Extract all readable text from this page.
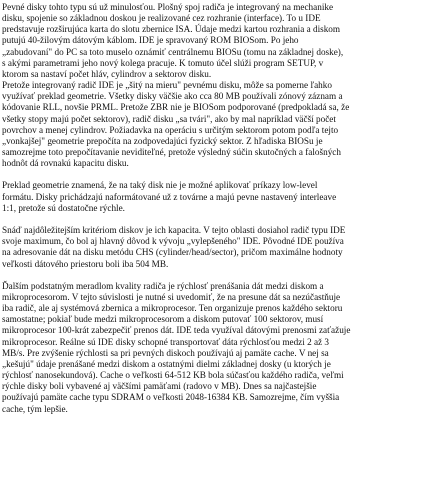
Pevné disky tohto typu sú už minulosťou. Plošný spoj radiča je integrovaný na mechanike
disku, spojenie so základnou doskou je realizované cez rozhranie (interface). To u IDE
predstavuje rozširujúca karta do slotu zbernice ISA. Údaje medzi kartou rozhrania a diskom
putujú 40-žilovým dátovým káblom. IDE je spravovaný ROM BIOSom. Po jeho
„zabudovaní" do PC sa toto muselo oznámiť centrálnemu BIOSu (tomu na základnej doske),
s akými parametrami jeho nový kolega pracuje. K tomuto účel slúži program SETUP, v
ktorom sa nastaví počet hláv, cylindrov a sektorov disku.
Pretože integrovaný radič IDE je „šitý na mieru" pevnému disku, môže sa pomerne ľahko
využívať preklad geometrie. Všetky disky väčšie ako cca 80 MB používali zónový záznam a
kódovanie RLL, novšie PRML. Pretože ZBR nie je BIOSom podporované (predpokladá sa, že
všetky stopy majú počet sektorov), radič disku „sa tvári", ako by mal napríklad väčší počet
povrchov a menej cylindrov. Požiadavka na operáciu s určitým sektorom potom podľa tejto
„vonkajšej" geometrie prepočíta na zodpovedajúci fyzický sektor. Z hľadiska BIOSu je
samozrejme toto prepočítavanie neviditeľné, pretože výsledný súčin skutočných a falošných
hodnôt dá rovnakú kapacitu disku.
Preklad geometrie znamená, že na taký disk nie je možné aplikovať príkazy low-level
formátu. Disky prichádzajú naformátované už z továrne a majú pevne nastavený interleave
1:1, pretože sú dostatočne rýchle.
Snáď najdôležitejším kritériom diskov je ich kapacita. V tejto oblasti dosiahol radič typu IDE
svoje maximum, čo bol aj hlavný dôvod k vývoju „vylepšeného" IDE. Pôvodné IDE používa
na adresovanie dát na disku metódu CHS (cylinder/head/sector), pričom maximálne hodnoty
veľkosti dátového priestoru boli iba 504 MB.
Ďalším podstatným meradlom kvality radiča je rýchlosť prenášania dát medzi diskom a
mikroprocesorom. V tejto súvislosti je nutné si uvedomiť, že na presune dát sa nezúčastňuje
iba radič, ale aj systémová zbernica a mikroprocesor. Ten organizuje prenos každého sektoru
samostatne; pokiaľ bude medzi mikroprocesorom a diskom putovať 100 sektorov, musí
mikroprocesor 100-krát zabezpečiť prenos dát. IDE teda využíval dátovými prenosmi zaťažuje
mikroprocesor. Reálne sú IDE disky schopné transportovať dáta rýchlosťou medzi 2 až 3
MB/s. Pre zvýšenie rýchlosti sa pri pevných diskoch používajú aj pamäte cache. V nej sa
„kešujú" údaje prenášané medzi diskom a ostatnými dielmi základnej dosky (u ktorých je
rýchlosť nanosekundová). Cache o veľkosti 64-512 KB bola súčasťou každého radiča, veľmi
rýchle disky boli vybavené aj väčšími pamäťami (radovo v MB). Dnes sa najčastejšie
používajú pamäte cache typu SDRAM o veľkosti 2048-16384 KB. Samozrejme, čím vyššia
cache, tým lepšie.
